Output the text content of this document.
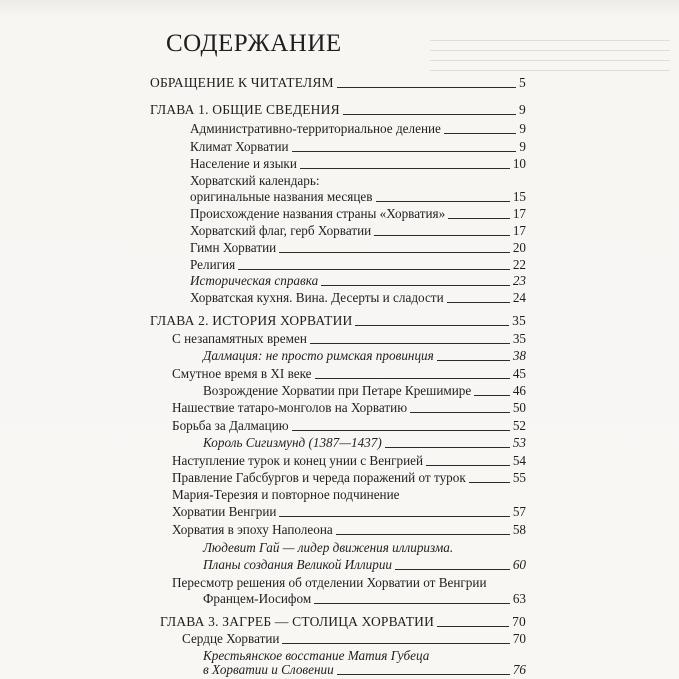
СОДЕРЖАНИЕ
ОБРАЩЕНИЕ К ЧИТАТЕЛЯМ	5
ГЛАВА 1. ОБЩИЕ СВЕДЕНИЯ	9
Административно-территориальное деление	9
Климат Хорватии	9
Население и языки	10
Хорватский календарь:
оригинальные названия месяцев	15
Происхождение названия страны «Хорватия»	17
Хорватский флаг, герб Хорватии	17
Гимн Хорватии	20
Религия	22
Историческая справка	23
Хорватская кухня. Вина. Десерты и сладости	24
ГЛАВА 2. ИСТОРИЯ ХОРВАТИИ	35
С незапамятных времен	35
Далмация: не просто римская провинция	38
Смутное время в XI веке	45
Возрождение Хорватии при Петаре Крешимире	46
Нашествие татаро-монголов на Хорватию	50
Борьба за Далмацию	52
Король Сигизмунд (1387—1437)	53
Наступление турок и конец унии с Венгрией	54
Правление Габсбургов и череда поражений от турок	55
Мария-Терезия и повторное подчинение
Хорватии Венгрии	57
Хорватия в эпоху Наполеона	58
Людевит Гай — лидер движения иллиризма.
Планы создания Великой Иллирии	60
Пересмотр решения об отделении Хорватии от Венгрии
Францем-Иосифом	63
ГЛАВА 3. ЗАГРЕБ — СТОЛИЦА ХОРВАТИИ	70
Сердце Хорватии	70
Крестьянское восстание Матия Губеца
в Хорватии и Словении	76
